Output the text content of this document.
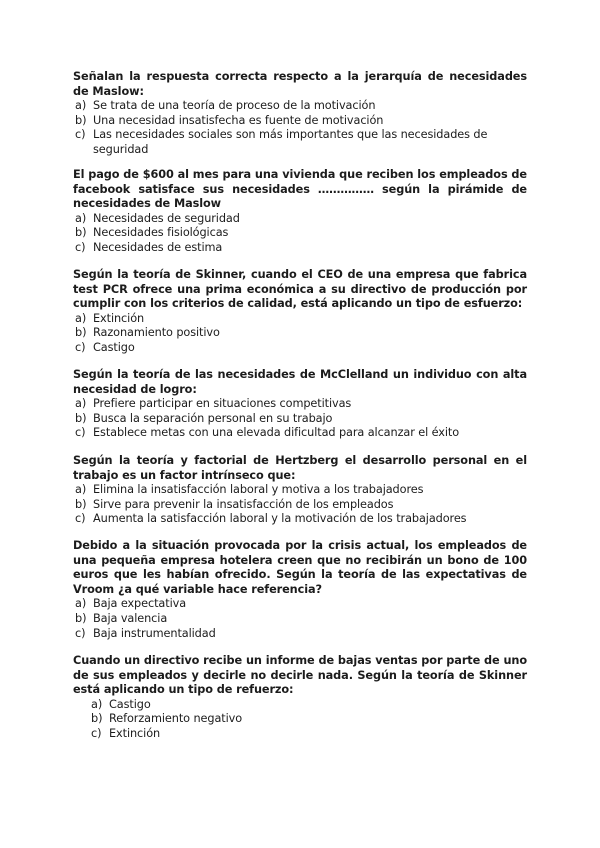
Señalan la respuesta correcta respecto a la jerarquía de necesidades de Maslow:

a) Se trata de una teoría de proceso de la motivación
b) Una necesidad insatisfecha es fuente de motivación
c) Las necesidades sociales son más importantes que las necesidades de seguridad

El pago de $600 al mes para una vivienda que reciben los empleados de facebook satisface sus necesidades …………… según la pirámide de necesidades de Maslow

a) Necesidades de seguridad
b) Necesidades fisiológicas
c) Necesidades de estima

Según la teoría de Skinner, cuando el CEO de una empresa que fabrica test PCR ofrece una prima económica a su directivo de producción por cumplir con los criterios de calidad, está aplicando un tipo de esfuerzo:

a) Extinción
b) Razonamiento positivo
c) Castigo

Según la teoría de las necesidades de McClelland un individuo con alta necesidad de logro:

a) Prefiere participar en situaciones competitivas
b) Busca la separación personal en su trabajo
c) Establece metas con una elevada dificultad para alcanzar el éxito

Según la teoría y factorial de Hertzberg el desarrollo personal en el trabajo es un factor intrínseco que:

a) Elimina la insatisfacción laboral y motiva a los trabajadores
b) Sirve para prevenir la insatisfacción de los empleados
c) Aumenta la satisfacción laboral y la motivación de los trabajadores

Debido a la situación provocada por la crisis actual, los empleados de una pequeña empresa hotelera creen que no recibirán un bono de 100 euros que les habían ofrecido. Según la teoría de las expectativas de Vroom ¿a qué variable hace referencia?

a) Baja expectativa
b) Baja valencia
c) Baja instrumentalidad

Cuando un directivo recibe un informe de bajas ventas por parte de uno de sus empleados y decirle no decirle nada. Según la teoría de Skinner está aplicando un tipo de refuerzo:

a) Castigo
b) Reforzamiento negativo
c) Extinción
